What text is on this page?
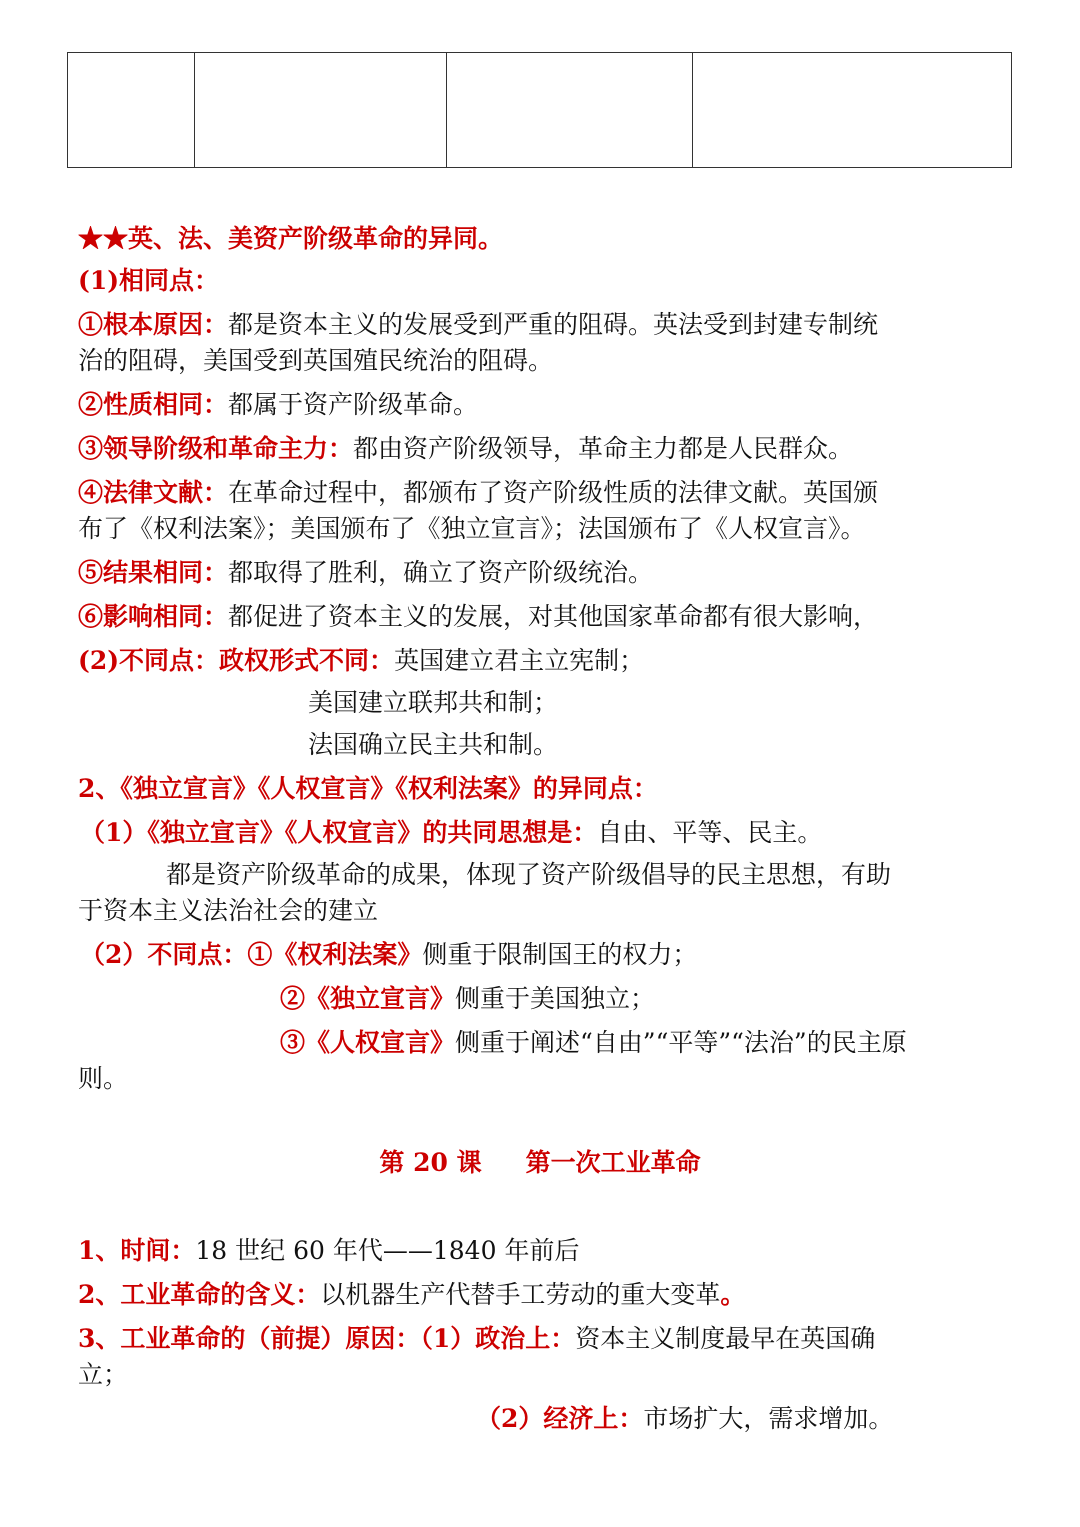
★★英、法、美资产阶级革命的异同。
(1)相同点：
①根本原因：都是资本主义的发展受到严重的阻碍。英法受到封建专制统
治的阻碍，美国受到英国殖民统治的阻碍。
②性质相同：都属于资产阶级革命。
③领导阶级和革命主力：都由资产阶级领导，革命主力都是人民群众。
④法律文献：在革命过程中，都颁布了资产阶级性质的法律文献。英国颁
布了《权利法案》；美国颁布了《独立宣言》；法国颁布了《人权宣言》。
⑤结果相同：都取得了胜利，确立了资产阶级统治。
⑥影响相同：都促进了资本主义的发展，对其他国家革命都有很大影响，
(2)不同点：政权形式不同：英国建立君主立宪制；
美国建立联邦共和制；
法国确立民主共和制。
2、《独立宣言》《人权宣言》《权利法案》的异同点：
（1）《独立宣言》《人权宣言》的共同思想是：自由、平等、民主。
都是资产阶级革命的成果，体现了资产阶级倡导的民主思想，有助
于资本主义法治社会的建立
（2）不同点：①《权利法案》侧重于限制国王的权力；
②《独立宣言》侧重于美国独立；
③《人权宣言》侧重于阐述“自由”“平等”“法治”的民主原
则。
第 20 课 第一次工业革命
1、时间：18 世纪 60 年代——1840 年前后
2、工业革命的含义：以机器生产代替手工劳动的重大变革。
3、工业革命的（前提）原因：（1）政治上：资本主义制度最早在英国确
立；
（2）经济上：市场扩大，需求增加。
